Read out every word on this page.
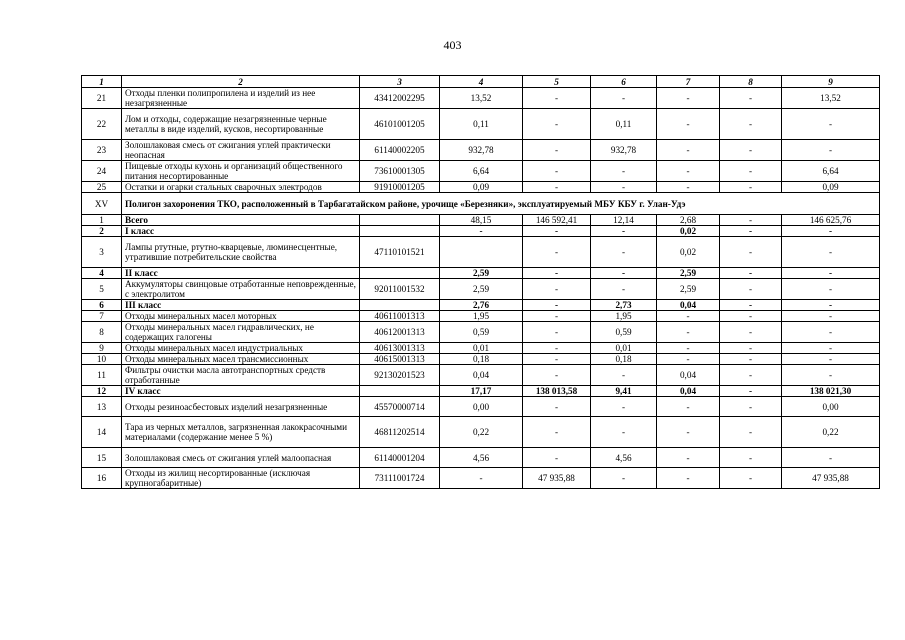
403
1	2	3	4	5	6	7	8	9
21	Отходы пленки полипропилена и изделий из нее незагрязненные	43412002295	13,52	-	-	-	-	13,52
22	Лом и отходы, содержащие незагрязненные черные металлы в виде изделий, кусков, несортированные	46101001205	0,11	-	0,11	-	-	-
23	Золошлаковая смесь от сжигания углей практически неопасная	61140002205	932,78	-	932,78	-	-	-
24	Пищевые отходы кухонь и организаций общественного питания несортированные	73610001305	6,64	-	-	-	-	6,64
25	Остатки и огарки стальных сварочных электродов	91910001205	0,09	-	-	-	-	0,09
XV	Полигон захоронения ТКО, расположенный в Тарбагатайском районе, урочище «Березняки», эксплуатируемый МБУ КБУ г. Улан-Удэ							
1	Всего		48,15	146 592,41	12,14	2,68	-	146 625,76
2	I класс		-	-	-	0,02	-	-
3	Лампы ртутные, ртутно-кварцевые, люминесцентные, утратившие потребительские свойства	47110101521		-	-	0,02	-	-
4	II класс		2,59	-	-	2,59	-	-
5	Аккумуляторы свинцовые отработанные неповрежденные, с электролитом	92011001532	2,59	-	-	2,59	-	-
6	III класс		2,76	-	2,73	0,04	-	-
7	Отходы минеральных масел моторных	40611001313	1,95	-	1,95	-	-	-
8	Отходы минеральных масел гидравлических, не содержащих галогены	40612001313	0,59	-	0,59	-	-	-
9	Отходы минеральных масел индустриальных	40613001313	0,01	-	0,01	-	-	-
10	Отходы минеральных масел трансмиссионных	40615001313	0,18	-	0,18	-	-	-
11	Фильтры очистки масла автотранспортных средств отработанные	92130201523	0,04	-	-	0,04	-	-
12	IV класс		17,17	138 013,58	9,41	0,04	-	138 021,30
13	Отходы резиноасбестовых изделий незагрязненные	45570000714	0,00	-	-	-	-	0,00
14	Тара из черных металлов, загрязненная лакокрасочными материалами (содержание менее 5 %)	46811202514	0,22	-	-	-	-	0,22
15	Золошлаковая смесь от сжигания углей малоопасная	61140001204	4,56	-	4,56	-	-	-
16	Отходы из жилищ несортированные (исключая крупногабаритные)	73111001724	-	47 935,88	-	-	-	47 935,88
